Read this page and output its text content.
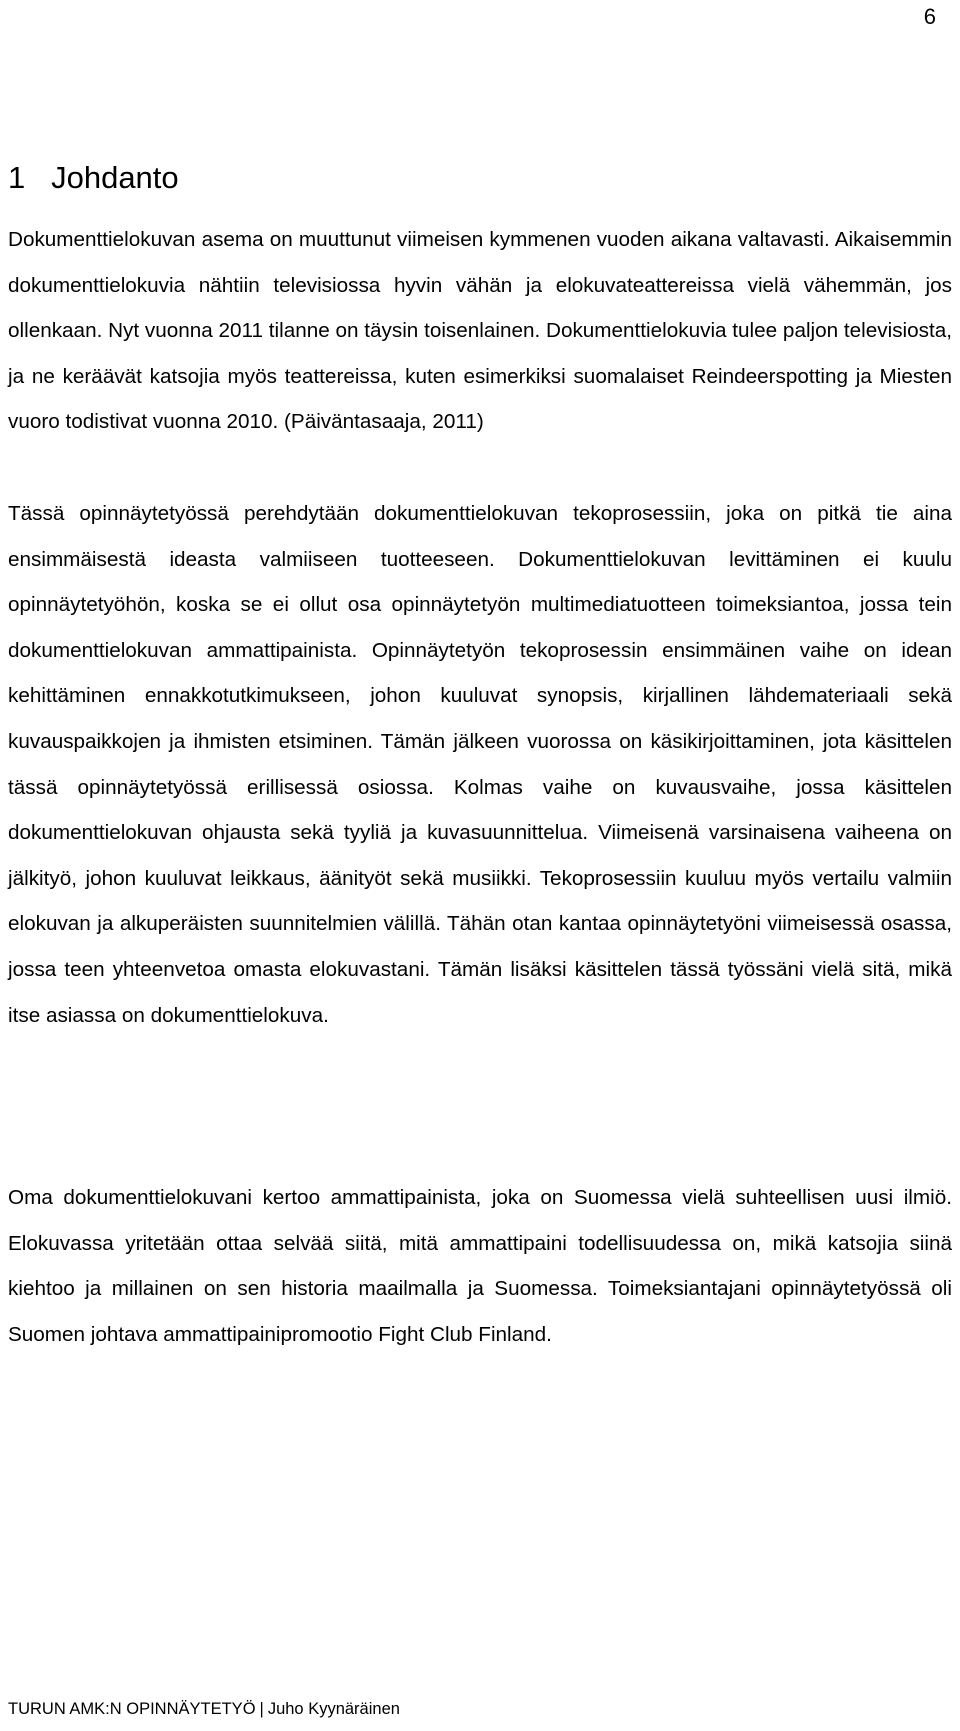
6
1 Johdanto

Dokumenttielokuvan asema on muuttunut viimeisen kymmenen vuoden aikana valtavasti. Aikaisemmin dokumenttielokuvia nähtiin televisiossa hyvin vähän ja elokuvateattereissa vielä vähemmän, jos ollenkaan. Nyt vuonna 2011 tilanne on täysin toisenlainen. Dokumenttielokuvia tulee paljon televisiosta, ja ne keräävät katsojia myös teattereissa, kuten esimerkiksi suomalaiset Reindeerspotting ja Miesten vuoro todistivat vuonna 2010. (Päiväntasaaja, 2011)

Tässä opinnäytetyössä perehdytään dokumenttielokuvan tekoprosessiin, joka on pitkä tie aina ensimmäisestä ideasta valmiiseen tuotteeseen. Dokumenttielokuvan levittäminen ei kuulu opinnäytetyöhön, koska se ei ollut osa opinnäytetyön multimediatuotteen toimeksiantoa, jossa tein dokumenttielokuvan ammattipainista. Opinnäytetyön tekoprosessin ensimmäinen vaihe on idean kehittäminen ennakkotutkimukseen, johon kuuluvat synopsis, kirjallinen lähdemateriaali sekä kuvauspaikkojen ja ihmisten etsiminen. Tämän jälkeen vuorossa on käsikirjoittaminen, jota käsittelen tässä opinnäytetyössä erillisessä osiossa. Kolmas vaihe on kuvausvaihe, jossa käsittelen dokumenttielokuvan ohjausta sekä tyyliä ja kuvasuunnittelua. Viimeisenä varsinaisena vaiheena on jälkityö, johon kuuluvat leikkaus, äänityöt sekä musiikki. Tekoprosessiin kuuluu myös vertailu valmiin elokuvan ja alkuperäisten suunnitelmien välillä. Tähän otan kantaa opinnäytetyöni viimeisessä osassa, jossa teen yhteenvetoa omasta elokuvastani. Tämän lisäksi käsittelen tässä työssäni vielä sitä, mikä itse asiassa on dokumenttielokuva.

Oma dokumenttielokuvani kertoo ammattipainista, joka on Suomessa vielä suhteellisen uusi ilmiö. Elokuvassa yritetään ottaa selvää siitä, mitä ammattipaini todellisuudessa on, mikä katsojia siinä kiehtoo ja millainen on sen historia maailmalla ja Suomessa. Toimeksiantajani opinnäytetyössä oli Suomen johtava ammattipainipromootio Fight Club Finland.

TURUN AMK:N OPINNÄYTETYÖ | Juho Kyynäräinen
